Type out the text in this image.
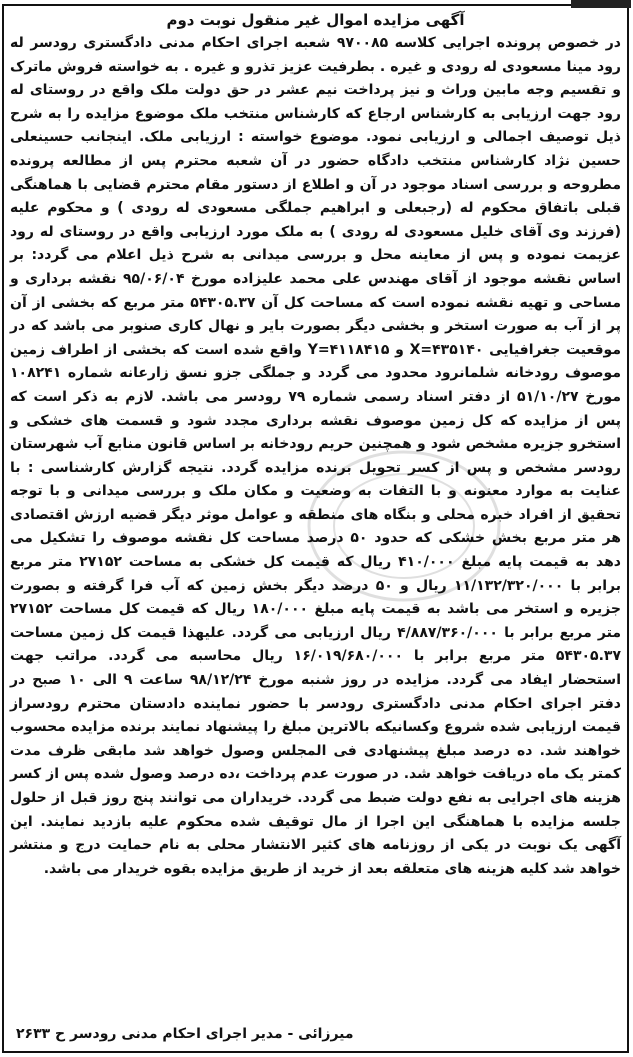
آگهی مزایده اموال غیر منقول نوبت دوم

در خصوص پرونده اجرایی کلاسه ۹۷۰۰۸۵ شعبه اجرای احکام مدنی دادگستری رودسر له رود مینا مسعودی له رودی و غیره . بطرفیت عزیز تذرو و غیره . به خواسته فروش ماترک و تقسیم وجه مابین وراث و نیز پرداخت نیم عشر در حق دولت ملک واقع در روستای له رود جهت ارزیابی به کارشناس ارجاع که کارشناس منتخب ملک موضوع مزایده را به شرح ذیل توصیف اجمالی و ارزیابی نمود. موضوع خواسته : ارزیابی ملک. اینجانب حسینعلی حسین نژاد کارشناس منتخب دادگاه حضور در آن شعبه محترم پس از مطالعه پرونده مطروحه و بررسی اسناد موجود در آن و اطلاع از دستور مقام محترم قضایی با هماهنگی قبلی باتفاق محکوم له (رجبعلی و ابراهیم جملگی مسعودی له رودی ) و محکوم علیه (فرزند وی آقای خلیل مسعودی له رودی ) به ملک مورد ارزیابی واقع در روستای له رود عزیمت نموده و پس از معاینه محل و بررسی میدانی به شرح ذیل اعلام می گردد: بر اساس نقشه موجود از آقای مهندس علی محمد علیزاده مورخ ۹۵/۰۶/۰۴ نقشه برداری و مساحی و تهیه نقشه نموده است که مساحت کل آن ۵۴۳۰۵.۳۷ متر مربع که بخشی از آن پر از آب به صورت استخر و بخشی دیگر بصورت بایر و نهال کاری صنوبر می باشد که در موقعیت جغرافیایی X=۴۳۵۱۴۰ و Y=۴۱۱۸۴۱۵ واقع شده است که بخشی از اطراف زمین موصوف رودخانه شلمانرود محدود می گردد و جملگی جزو نسق زارعانه شماره ۱۰۸۲۴۱ مورخ ۵۱/۱۰/۲۷ از دفتر اسناد رسمی شماره ۷۹ رودسر می باشد. لازم به ذکر است که پس از مزایده که کل زمین موصوف نقشه برداری مجدد شود و قسمت های خشکی و استخرو جزیره مشخص شود و همچنین حریم رودخانه بر اساس قانون منابع آب شهرستان رودسر مشخص و پس از کسر تحویل برنده مزایده گردد. نتیجه گزارش کارشناسی : با عنایت به موارد معنونه و با التفات به وضعیت و مکان ملک و بررسی میدانی و با توجه تحقیق از افراد خبره محلی و بنگاه های منطقه و عوامل موثر دیگر قضیه ارزش اقتصادی هر متر مربع بخش خشکی که حدود ۵۰ درصد مساحت کل نقشه موصوف را تشکیل می دهد به قیمت پایه مبلغ ۴۱۰/۰۰۰ ریال که قیمت کل خشکی به مساحت ۲۷۱۵۲ متر مربع برابر با ۱۱/۱۳۲/۳۲۰/۰۰۰ ریال و ۵۰ درصد دیگر بخش زمین که آب فرا گرفته و بصورت جزیره و استخر می باشد به قیمت پایه مبلغ ۱۸۰/۰۰۰ ریال که قیمت کل مساحت ۲۷۱۵۲ متر مربع برابر با ۴/۸۸۷/۳۶۰/۰۰۰ ریال ارزیابی می گردد. علیهذا قیمت کل زمین مساحت ۵۴۳۰۵.۳۷ متر مربع برابر با ۱۶/۰۱۹/۶۸۰/۰۰۰ ریال محاسبه می گردد. مراتب جهت استحضار ایفاد می گردد. مزایده در روز شنبه مورخ ۹۸/۱۲/۲۴ ساعت ۹ الی ۱۰ صبح در دفتر اجرای احکام مدنی دادگستری رودسر با حضور نماینده دادستان محترم رودسراز قیمت ارزیابی شده شروع وکسانیکه بالاترین مبلغ را پیشنهاد نمایند برنده مزایده محسوب خواهند شد. ده درصد مبلغ پیشنهادی فی المجلس وصول خواهد شد مابقی ظرف مدت کمتر یک ماه دریافت خواهد شد. در صورت عدم پرداخت ،ده درصد وصول شده پس از کسر هزینه های اجرایی به نفع دولت ضبط می گردد. خریداران می توانند پنج روز قبل از حلول جلسه مزایده با هماهنگی این اجرا از مال توقیف شده محکوم علیه بازدید نمایند. این آگهی یک نوبت در یکی از روزنامه های کثیر الانتشار محلی به نام حمایت درج و منتشر خواهد شد کلیه هزینه های متعلقه بعد از خرید از طریق مزایده بقوه خریدار می باشد.

میرزائی - مدیر اجرای احکام مدنی رودسر ح ۲۶۳۳
